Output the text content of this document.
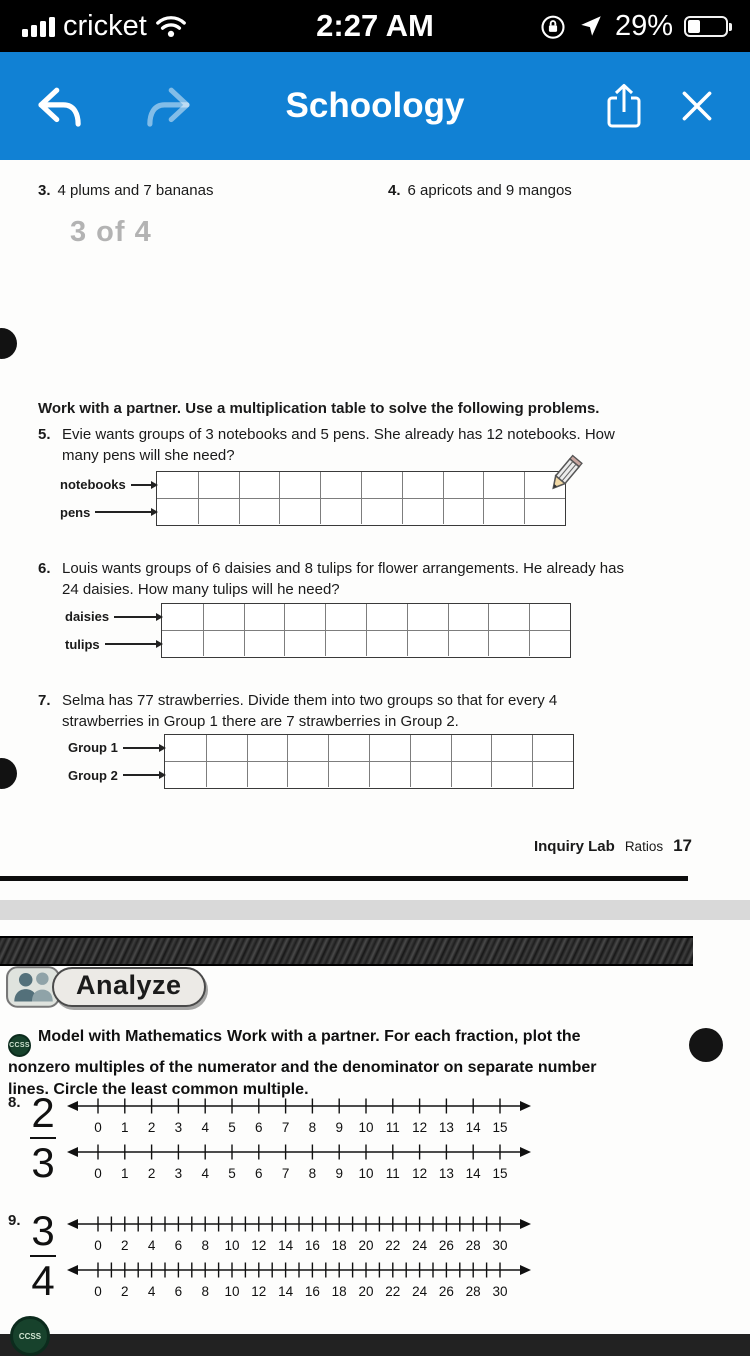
cricket	2:27 AM	29%
Schoology
3. 4 plums and 7 bananas	4. 6 apricots and 9 mangos
3 of 4
Work with a partner. Use a multiplication table to solve the following problems.
5. Evie wants groups of 3 notebooks and 5 pens. She already has 12 notebooks. How many pens will she need?
notebooks
pens
6. Louis wants groups of 6 daisies and 8 tulips for flower arrangements. He already has 24 daisies. How many tulips will he need?
daisies
tulips
7. Selma has 77 strawberries. Divide them into two groups so that for every 4 strawberries in Group 1 there are 7 strawberries in Group 2.
Group 1
Group 2
Inquiry Lab Ratios 17
Analyze
CCSSModel with Mathematics Work with a partner. For each fraction, plot the nonzero multiples of the numerator and the denominator on separate number lines. Circle the least common multiple.
8. $\frac{2}{3}$	0 1 2 3 4 5 6 7 8 9 10 11 12 13 14 15
0 1 2 3 4 5 6 7 8 9 10 11 12 13 14 15
9. $\frac{3}{4}$	0 2 4 6 8 10 12 14 16 18 20 22 24 26 28 30
0 2 4 6 8 10 12 14 16 18 20 22 24 26 28 30
CCSS
